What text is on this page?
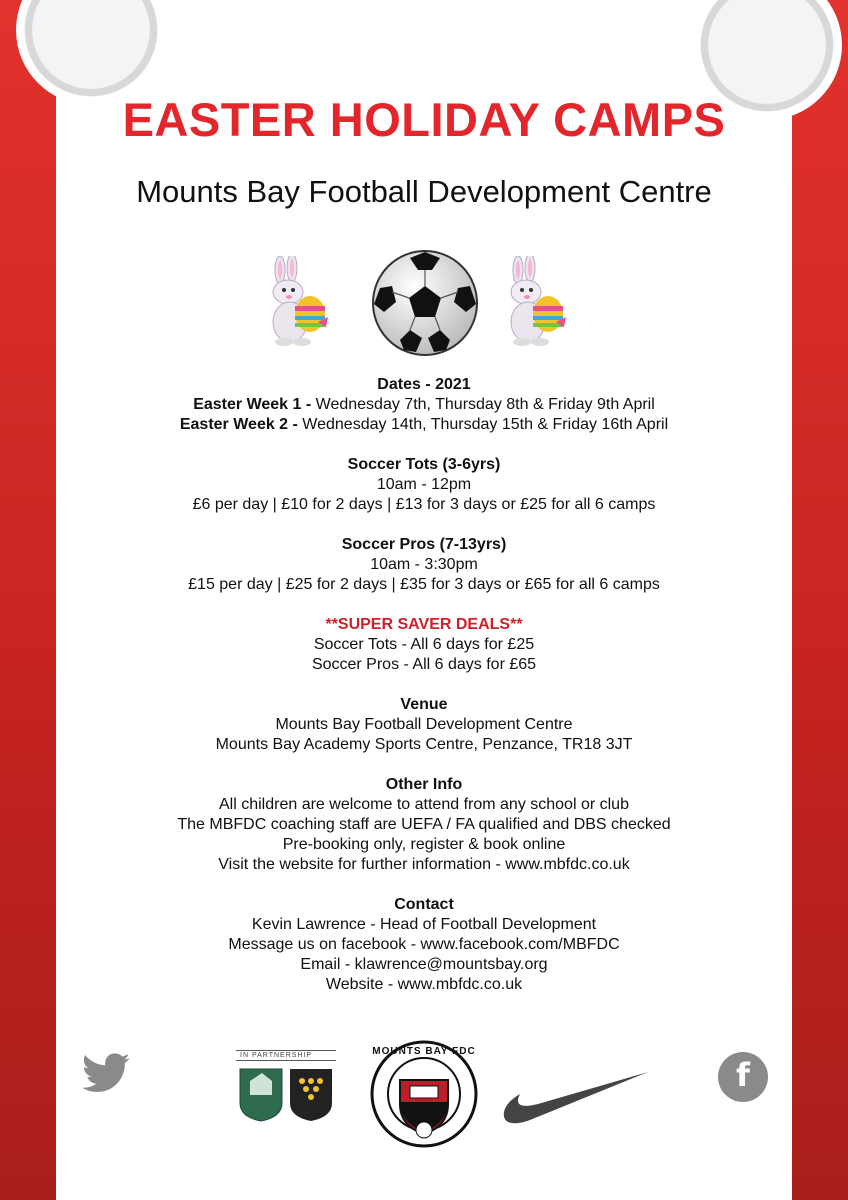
EASTER HOLIDAY CAMPS
Mounts Bay Football Development Centre
Dates - 2021
Easter Week 1 - Wednesday 7th, Thursday 8th & Friday 9th April
Easter Week 2 - Wednesday 14th, Thursday 15th & Friday 16th April
Soccer Tots (3-6yrs)
10am - 12pm
£6 per day | £10 for 2 days | £13 for 3 days or £25 for all 6 camps
Soccer Pros (7-13yrs)
10am - 3:30pm
£15 per day | £25 for 2 days | £35 for 3 days or £65 for all 6 camps
**SUPER SAVER DEALS**
Soccer Tots - All 6 days for £25
Soccer Pros - All 6 days for £65
Venue
Mounts Bay Football Development Centre
Mounts Bay Academy Sports Centre, Penzance, TR18 3JT
Other Info
All children are welcome to attend from any school or club
The MBFDC coaching staff are UEFA / FA qualified and DBS checked
Pre-booking only, register & book online
Visit the website for further information - www.mbfdc.co.uk
Contact
Kevin Lawrence - Head of Football Development
Message us on facebook - www.facebook.com/MBFDC
Email - klawrence@mountsbay.org
Website - www.mbfdc.co.uk
IN PARTNERSHIP	MOUNTS BAY FDC
f
